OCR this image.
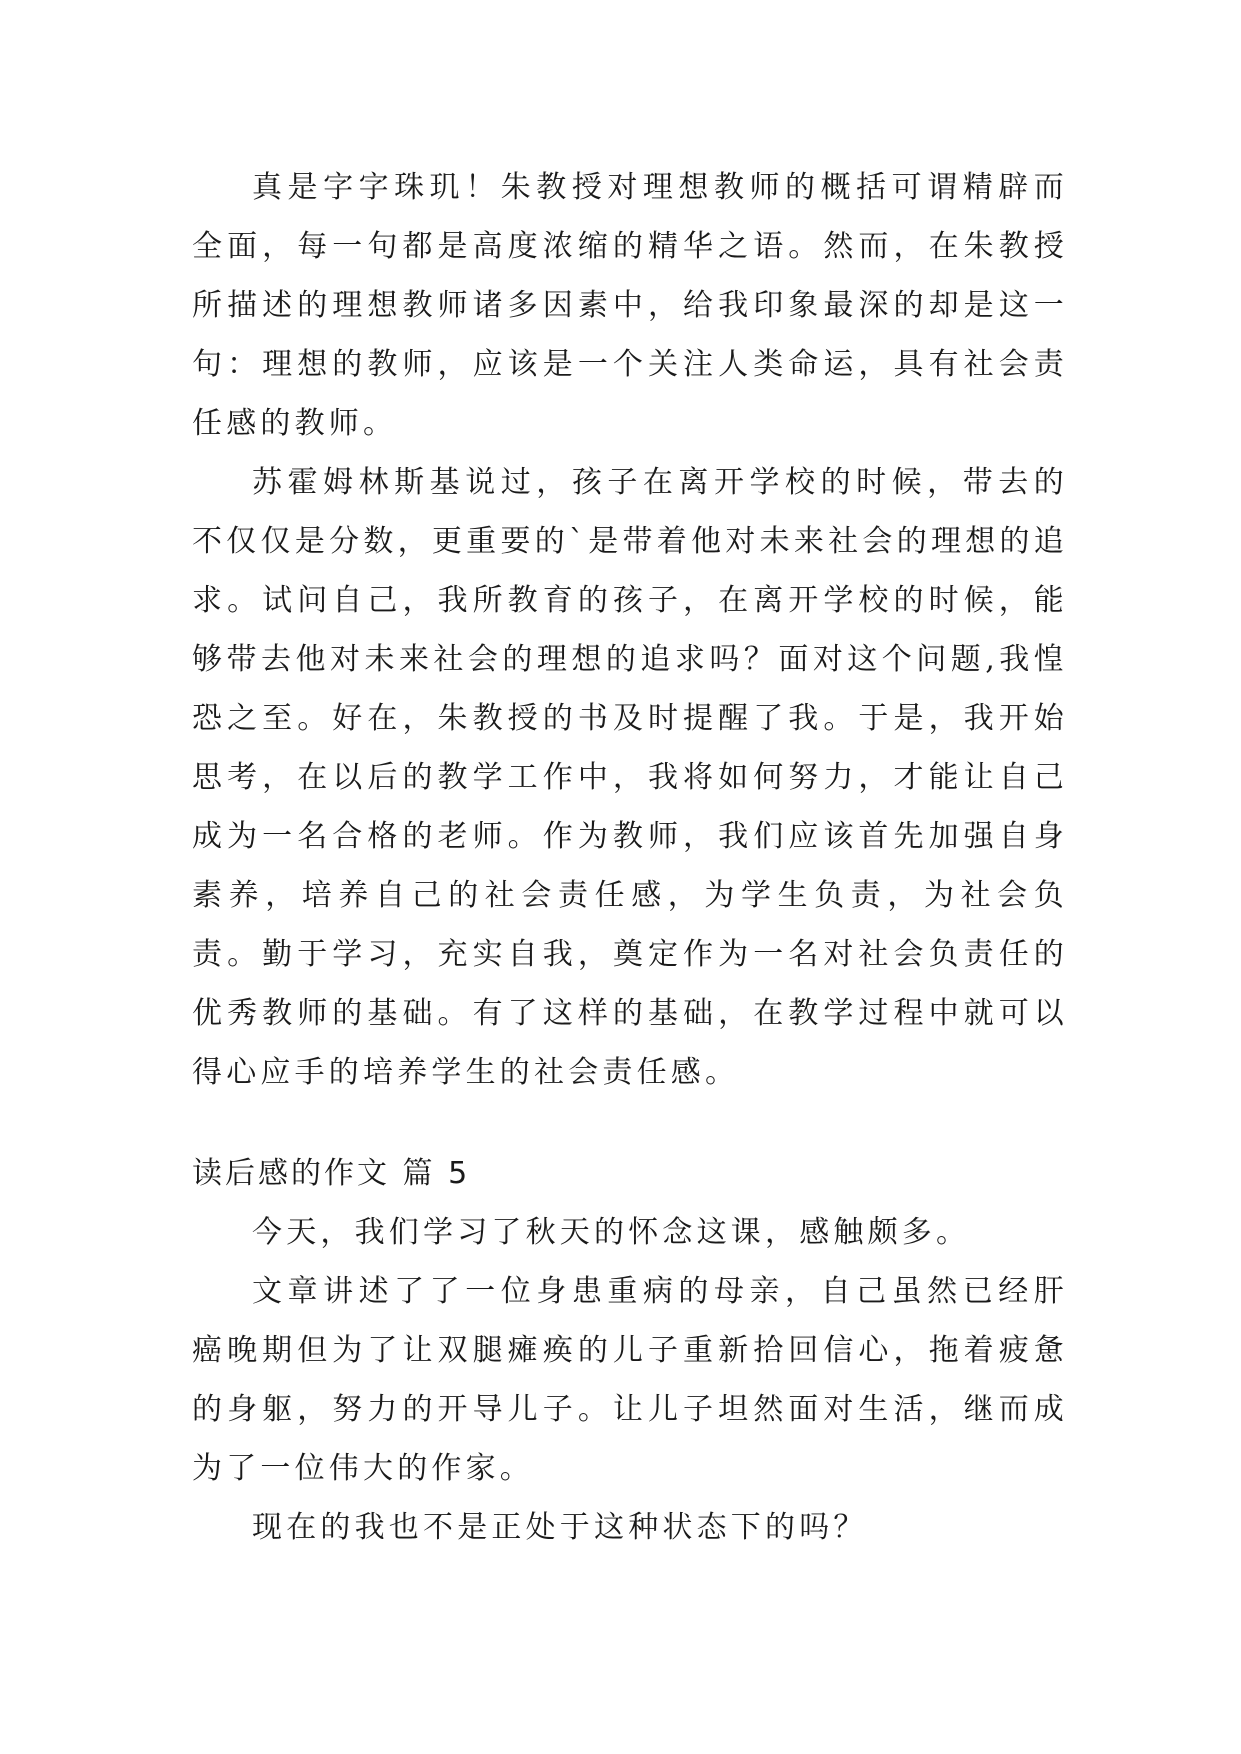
真是字字珠玑！朱教授对理想教师的概括可谓精辟而全面，每一句都是高度浓缩的精华之语。然而，在朱教授所描述的理想教师诸多因素中，给我印象最深的却是这一句：理想的教师，应该是一个关注人类命运，具有社会责任感的教师。

苏霍姆林斯基说过，孩子在离开学校的时候，带去的不仅仅是分数，更重要的`是带着他对未来社会的理想的追求。试问自己，我所教育的孩子，在离开学校的时候，能够带去他对未来社会的理想的追求吗？面对这个问题,我惶恐之至。好在，朱教授的书及时提醒了我。于是，我开始思考，在以后的教学工作中，我将如何努力，才能让自己成为一名合格的老师。作为教师，我们应该首先加强自身素养，培养自己的社会责任感，为学生负责，为社会负责。勤于学习，充实自我，奠定作为一名对社会负责任的优秀教师的基础。有了这样的基础，在教学过程中就可以得心应手的培养学生的社会责任感。

读后感的作文 篇 5

今天，我们学习了秋天的怀念这课，感触颇多。

文章讲述了了一位身患重病的母亲，自己虽然已经肝癌晚期但为了让双腿瘫痪的儿子重新拾回信心，拖着疲惫的身躯，努力的开导儿子。让儿子坦然面对生活，继而成为了一位伟大的作家。

现在的我也不是正处于这种状态下的吗？
